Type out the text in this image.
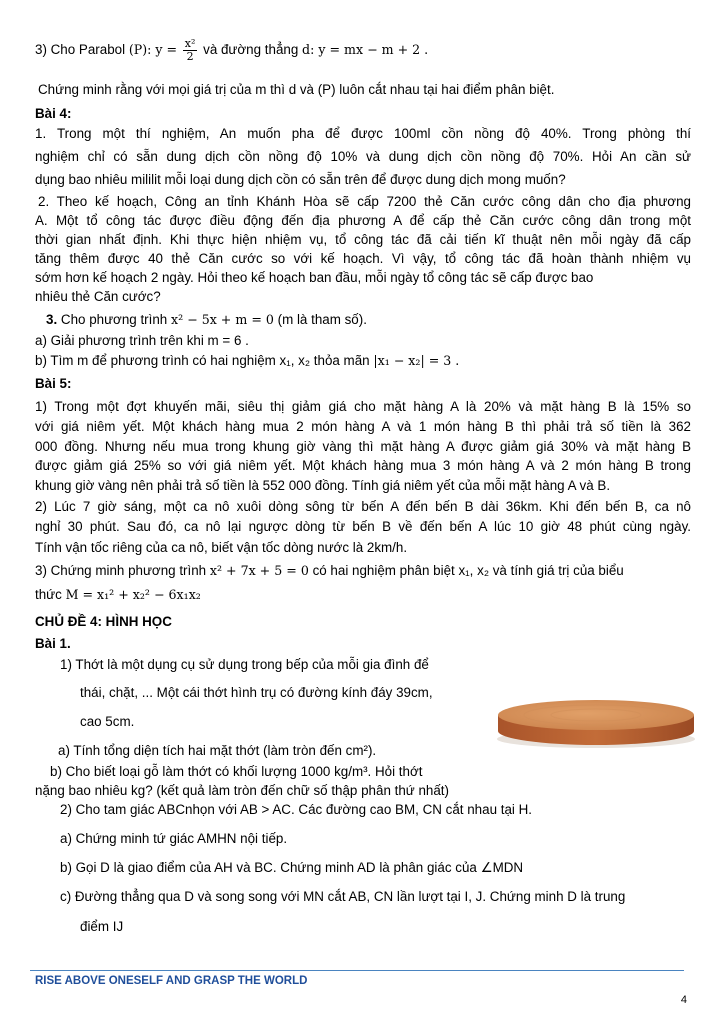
3) Cho Parabol (P): $y = \frac{\text{x²}}{2}$ và đường thẳng d: y = mx − m + 2 .
Chứng minh rằng với mọi giá trị của m thì d và (P) luôn cắt nhau tại hai điểm phân biệt.
Bài 4:
1. Trong một thí nghiệm, An muốn pha để được 100ml cồn nồng độ 40%. Trong phòng thí
nghiệm chỉ có sẵn dung dịch cồn nồng độ 10% và dung dịch cồn nồng độ 70%. Hỏi An cần sử
dụng bao nhiêu mililit mỗi loại dung dịch cồn có sẵn trên để được dung dịch mong muốn?
2. Theo kế hoạch, Công an tỉnh Khánh Hòa sẽ cấp 7200 thẻ Căn cước công dân cho địa phương
A. Một tổ công tác được điều động đến địa phương A để cấp thẻ Căn cước công dân trong một
thời gian nhất định. Khi thực hiện nhiệm vụ, tổ công tác đã cải tiến kĩ thuật nên mỗi ngày đã cấp
tăng thêm được 40 thẻ Căn cước so với kế hoạch. Vì vậy, tổ công tác đã hoàn thành nhiệm vụ
sớm hơn kế hoạch 2 ngày. Hỏi theo kế hoạch ban đầu, mỗi ngày tổ công tác sẽ cấp được bao
nhiêu thẻ Căn cước?
3. Cho phương trình x² − 5x + m = 0 (m là tham số).
a) Giải phương trình trên khi m = 6 .
b) Tìm m để phương trình có hai nghiệm x₁, x₂ thỏa mãn |x₁ − x₂| = 3 .
Bài 5:
1) Trong một đợt khuyến mãi, siêu thị giảm giá cho mặt hàng A là 20% và mặt hàng B là 15% so
với giá niêm yết. Một khách hàng mua 2 món hàng A và 1 món hàng B thì phải trả số tiền là 362
000 đồng. Nhưng nếu mua trong khung giờ vàng thì mặt hàng A được giảm giá 30% và mặt hàng B
được giảm giá 25% so với giá niêm yết. Một khách hàng mua 3 món hàng A và 2 món hàng B trong
khung giờ vàng nên phải trả số tiền là 552 000 đồng. Tính giá niêm yết của mỗi mặt hàng A và B.
2) Lúc 7 giờ sáng, một ca nô xuôi dòng sông từ bến A đến bến B dài 36km. Khi đến bến B, ca nô
nghỉ 30 phút. Sau đó, ca nô lại ngược dòng từ bến B về đến bến A lúc 10 giờ 48 phút cùng ngày.
Tính vận tốc riêng của ca nô, biết vận tốc dòng nước là 2km/h.
3) Chứng minh phương trình x² + 7x + 5 = 0 có hai nghiệm phân biệt x₁, x₂ và tính giá trị của biểu
thức M = x₁² + x₂² − 6x₁x₂
CHỦ ĐỀ 4: HÌNH HỌC
Bài 1.
1) Thớt là một dụng cụ sử dụng trong bếp của mỗi gia đình để
thái, chặt, ... Một cái thớt hình trụ có đường kính đáy 39cm,
cao 5cm.
a) Tính tổng diện tích hai mặt thớt (làm tròn đến cm²).
b) Cho biết loại gỗ làm thớt có khối lượng 1000 kg/m³. Hỏi thớt
nặng bao nhiêu kg? (kết quả làm tròn đến chữ số thập phân thứ nhất)
2) Cho tam giác ABCnhọn với AB > AC. Các đường cao BM, CN cắt nhau tại H.
a) Chứng minh tứ giác AMHN nội tiếp.
b) Gọi D là giao điểm của AH và BC. Chứng minh AD là phân giác của ∠MDN
c) Đường thẳng qua D và song song với MN cắt AB, CN lần lượt tại I, J. Chứng minh D là trung
điểm IJ
RISE ABOVE ONESELF AND GRASP THE WORLD
4
